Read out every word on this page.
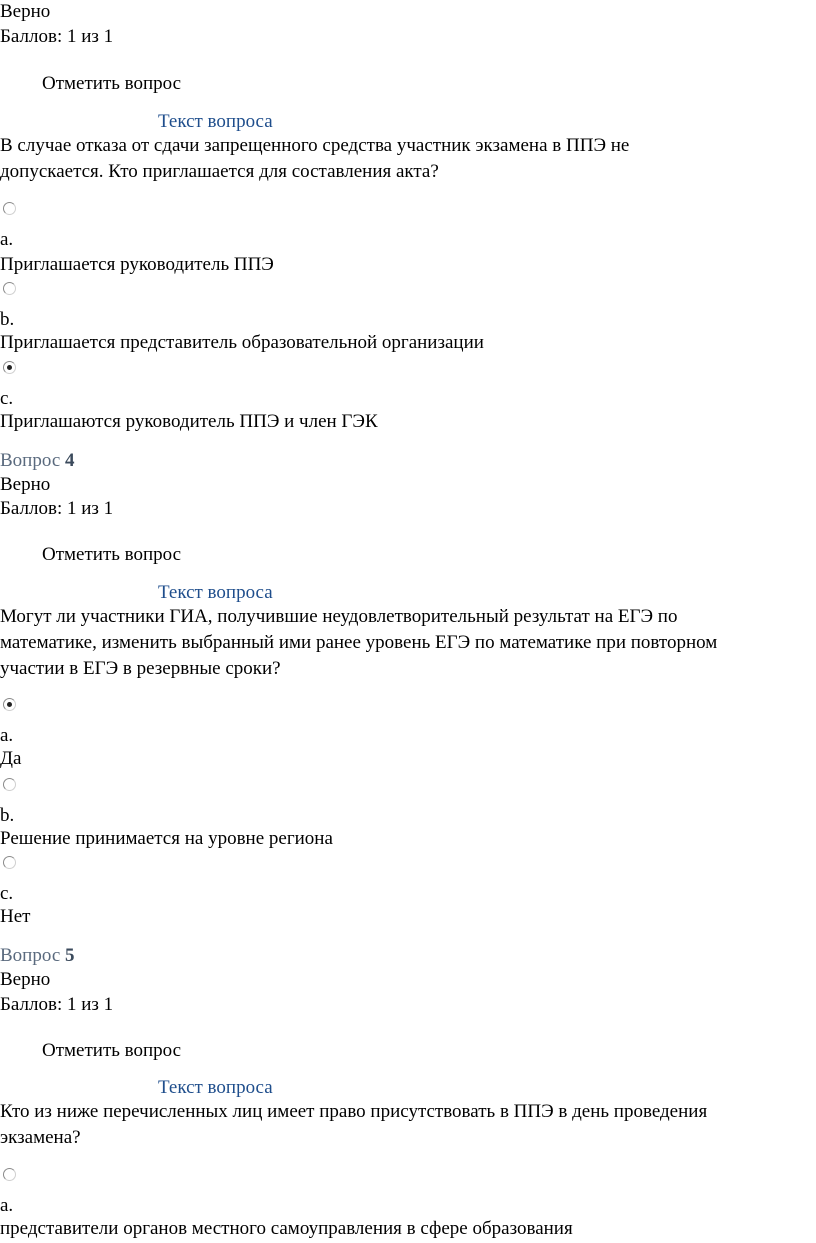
Верно
Баллов: 1 из 1
Отметить вопрос
Текст вопроса
В случае отказа от сдачи запрещенного средства участник экзамена в ППЭ не
допускается. Кто приглашается для составления акта?
a.
Приглашается руководитель ППЭ
b.
Приглашается представитель образовательной организации
c.
Приглашаются руководитель ППЭ и член ГЭК
Вопрос 4
Верно
Баллов: 1 из 1
Отметить вопрос
Текст вопроса
Могут ли участники ГИА, получившие неудовлетворительный результат на ЕГЭ по
математике, изменить выбранный ими ранее уровень ЕГЭ по математике при повторном
участии в ЕГЭ в резервные сроки?
a.
Да
b.
Решение принимается на уровне региона
c.
Нет
Вопрос 5
Верно
Баллов: 1 из 1
Отметить вопрос
Текст вопроса
Кто из ниже перечисленных лиц имеет право присутствовать в ППЭ в день проведения
экзамена?
a.
представители органов местного самоуправления в сфере образования
